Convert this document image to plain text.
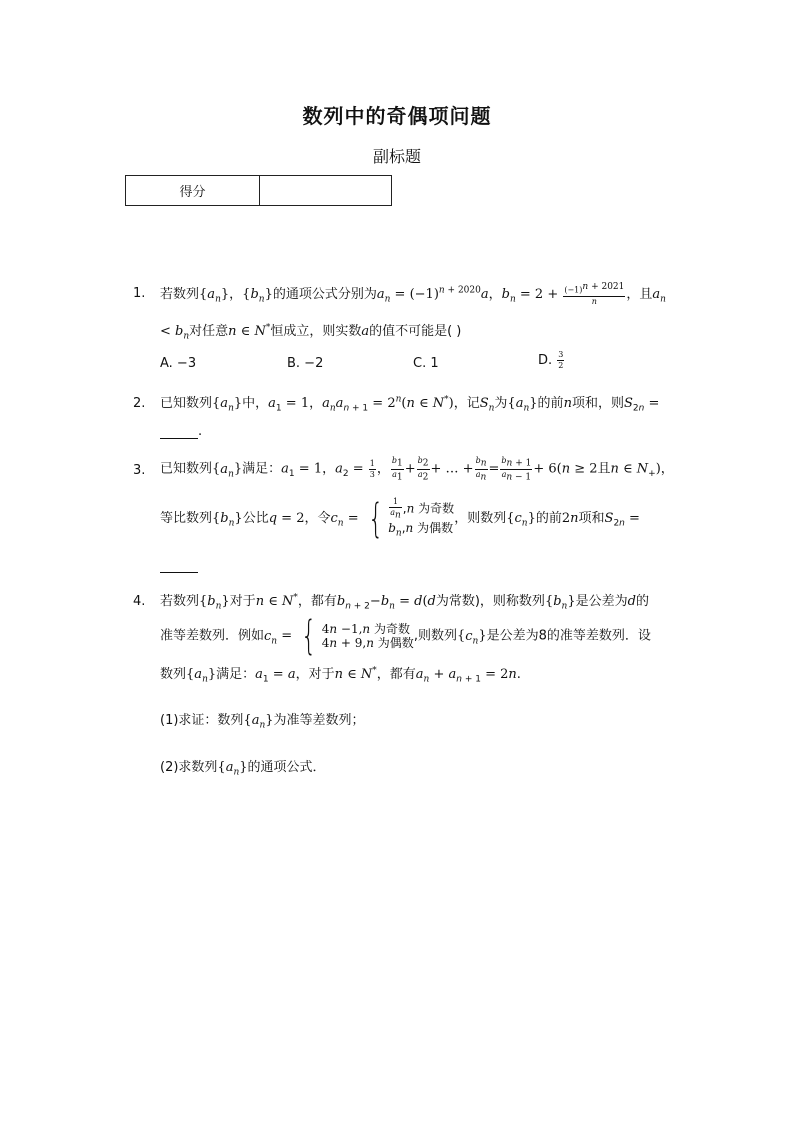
数列中的奇偶项问题
副标题
得分	
1. 若数列$\{a_n\}$，$\{b_n\}$的通项公式分别为$a_n = (-1)^{n + 2020}a$，$b_n = 2 + \frac{(-1)^{n + 2021}}{n}$ ，且$a_n$
< $b_n$对任意n ∈ N*恒成立，则实数a的值不可能是( )
A. −3	B. −2	C. 1	D. $\frac{3}{2}$
2. 已知数列$\{a_n\}$中，$a_1 = 1$，$a_na_{n + 1} = 2^n(n$ ∈ N*)，记$S_n$为$\{a_n\}$的前n项和，则$S_{2n}$ =
.
3. 已知数列$\{a_n\}$满足：$a_1 = 1$，$a_2 = \frac{1}{3}$ ， $\frac{b_1}{a_1} + \frac{b_2}{a_2}$ + … + $\frac{b_n}{a_n} = \frac{b_{n + 1}}{a_{n - 1}} + 6(n \ge 2$且n ∈ $N_+$)，
等比数列$\{b_n\}$公比q = 2，令$c_n$ = { $\frac{1}{a_n} ,n$ 为奇数
$b_n,n$ 为偶数，则数列$\{c_n\}$的前2n项和$S_{2n}$ =
4. 若数列$\{b_n\}$对于n ∈ N*，都有$b_{n + 2}-b_n = d(d$为常数)，则称数列$\{b_n\}$是公差为d的
准等差数列．例如$c_n$ = { 4n −1,n 为奇数
4n + 9,n 为偶数,则数列$\{c_n\}$是公差为8的准等差数列．设
数列$\{a_n\}$满足：$a_1 = a$，对于n ∈ N*，都有$a_n + a_{n + 1} = 2n$.
(1)求证：数列$\{a_n\}$为准等差数列；
(2)求数列$\{a_n\}$的通项公式．
